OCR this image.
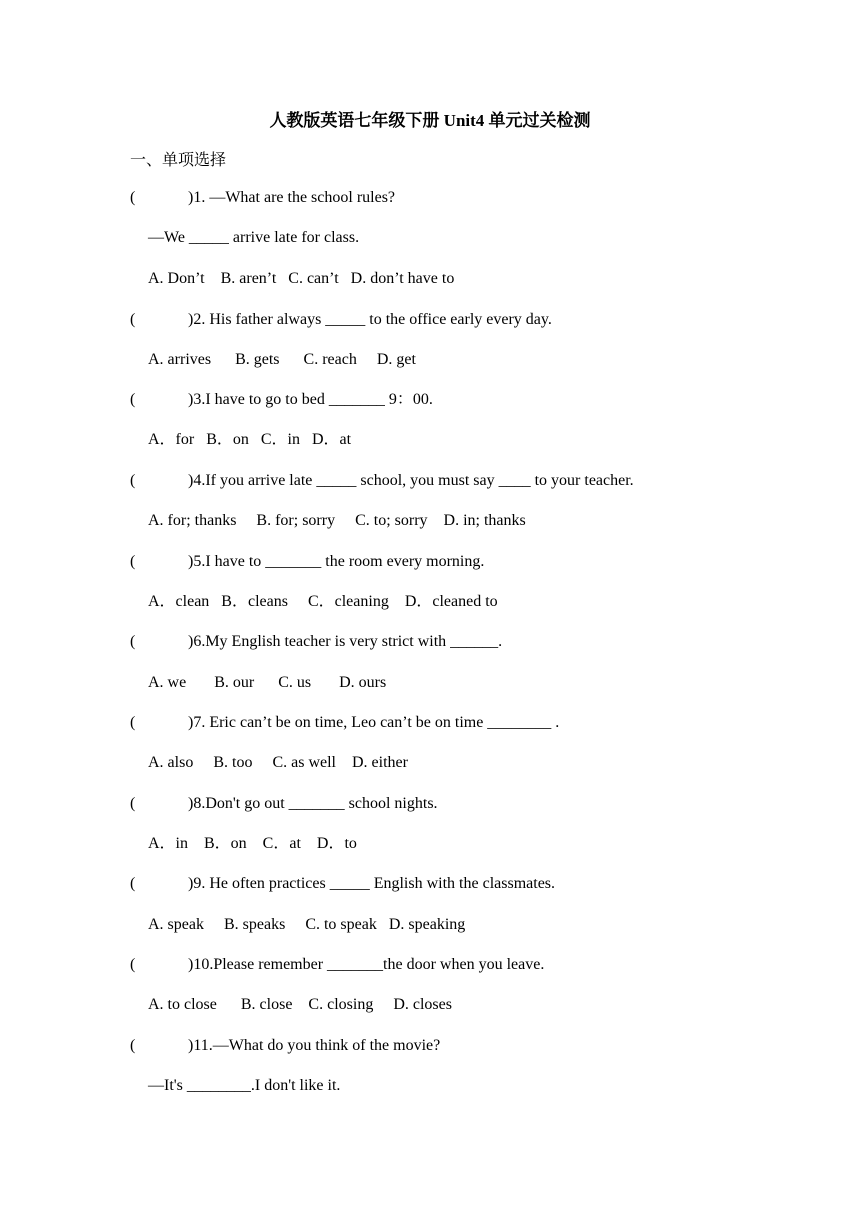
人教版英语七年级下册 Unit4 单元过关检测
一、单项选择
(	)1. —What are the school rules?
—We _____ arrive late for class.
A. Don’t    B. aren’t   C. can’t   D. don’t have to
(	)2. His father always _____ to the office early every day.
A. arrives      B. gets      C. reach     D. get
(	)3.I have to go to bed _______ 9：00.
A．for   B．on   C．in   D．at
(	)4.If you arrive late _____ school, you must say ____ to your teacher.
A. for; thanks     B. for; sorry     C. to; sorry    D. in; thanks
(	)5.I have to _______ the room every morning.
A．clean   B．cleans     C．cleaning    D．cleaned to
(	)6.My English teacher is very strict with ______.
A. we       B. our      C. us       D. ours
(	)7. Eric can’t be on time, Leo can’t be on time ________ .
A. also     B. too     C. as well    D. either
(	)8.Don't go out _______ school nights.
A．in    B．on    C．at    D．to
(	)9. He often practices _____ English with the classmates.
A. speak     B. speaks     C. to speak   D. speaking
(	)10.Please remember _______the door when you leave.
A. to close      B. close    C. closing     D. closes
(	)11.—What do you think of the movie?
—It's ________.I don't like it.
